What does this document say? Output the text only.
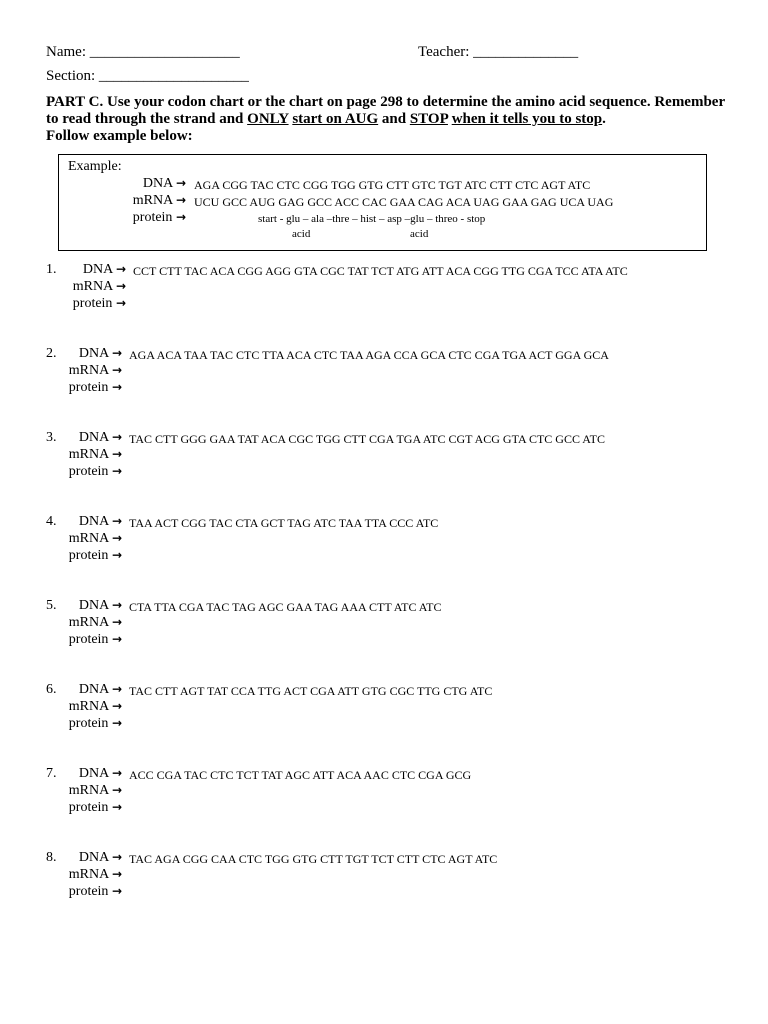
Name: ____________________	Teacher: ______________
Section: ____________________
PART C. Use your codon chart or the chart on page 298 to determine the amino acid sequence. Remember to read through the strand and ONLY start on AUG and STOP when it tells you to stop.
Follow example below:
Example:
DNA → AGA CGG TAC CTC CGG TGG GTG CTT GTC TGT ATC CTT CTC AGT ATC
mRNA → UCU GCC AUG GAG GCC ACC CAC GAA CAG ACA UAG GAA GAG UCA UAG
protein →	start - glu – ala –thre – hist – asp –glu – threo - stop
acid	acid
1. DNA → CCT CTT TAC ACA CGG AGG GTA CGC TAT TCT ATG ATT ACA CGG TTG CGA TCC ATA ATC
mRNA →
protein →
2. DNA → AGA ACA TAA TAC CTC TTA ACA CTC TAA AGA CCA GCA CTC CGA TGA ACT GGA GCA
mRNA →
protein →
3. DNA → TAC CTT GGG GAA TAT ACA CGC TGG CTT CGA TGA ATC CGT ACG GTA CTC GCC ATC
mRNA →
protein →
4. DNA → TAA ACT CGG TAC CTA GCT TAG ATC TAA TTA CCC ATC
mRNA →
protein →
5. DNA → CTA TTA CGA TAC TAG AGC GAA TAG AAA CTT ATC ATC
mRNA →
protein →
6. DNA → TAC CTT AGT TAT CCA TTG ACT CGA ATT GTG CGC TTG CTG ATC
mRNA →
protein →
7. DNA → ACC CGA TAC CTC TCT TAT AGC ATT ACA AAC CTC CGA GCG
mRNA →
protein →
8. DNA → TAC AGA CGG CAA CTC TGG GTG CTT TGT TCT CTT CTC AGT ATC
mRNA →
protein →
